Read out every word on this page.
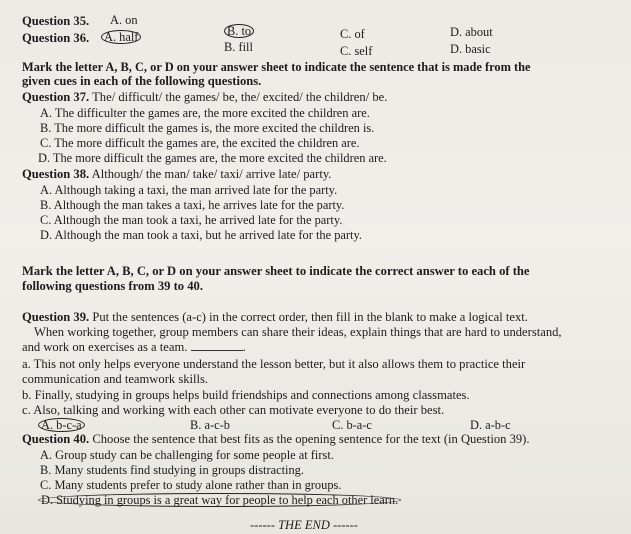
Question 35. A. on
B. to	C. of	D. about
Question 36. A. half
B. fill	C. self	D. basic
Mark the letter A, B, C, or D on your answer sheet to indicate the sentence that is made from the
given cues in each of the following questions.
Question 37. The/ difficult/ the games/ be, the/ excited/ the children/ be.
A. The difficulter the games are, the more excited the children are.
B. The more difficult the games is, the more excited the children is.
C. The more difficult the games are, the excited the children are.
D. The more difficult the games are, the more excited the children are.
Question 38. Although/ the man/ take/ taxi/ arrive late/ party.
A. Although taking a taxi, the man arrived late for the party.
B. Although the man takes a taxi, he arrives late for the party.
C. Although the man took a taxi, he arrived late for the party.
D. Although the man took a taxi, but he arrived late for the party.
Mark the letter A, B, C, or D on your answer sheet to indicate the correct answer to each of the
following questions from 39 to 40.
Question 39. Put the sentences (a-c) in the correct order, then fill in the blank to make a logical text.
When working together, group members can share their ideas, explain things that are hard to understand,
and work on exercises as a team.	.
a. This not only helps everyone understand the lesson better, but it also allows them to practice their
communication and teamwork skills.
b. Finally, studying in groups helps build friendships and connections among classmates.
c. Also, talking and working with each other can motivate everyone to do their best.
A. b-c-a	B. a-c-b	C. b-a-c	D. a-b-c
Question 40. Choose the sentence that best fits as the opening sentence for the text (in Question 39).
A. Group study can be challenging for some people at first.
B. Many students find studying in groups distracting.
C. Many students prefer to study alone rather than in groups.
D. Studying in groups is a great way for people to help each other learn.
------ THE END ------
